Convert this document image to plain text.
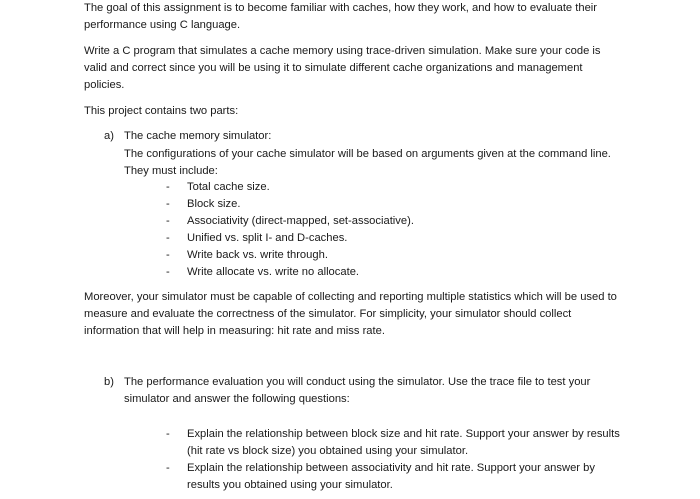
The goal of this assignment is to become familiar with caches, how they work, and how to evaluate their performance using C language.

Write a C program that simulates a cache memory using trace-driven simulation. Make sure your code is valid and correct since you will be using it to simulate different cache organizations and management policies.

This project contains two parts:

a) The cache memory simulator:

The configurations of your cache simulator will be based on arguments given at the command line. They must include:

- Total cache size.
- Block size.
- Associativity (direct-mapped, set-associative).
- Unified vs. split I- and D-caches.
- Write back vs. write through.
- Write allocate vs. write no allocate.

Moreover, your simulator must be capable of collecting and reporting multiple statistics which will be used to measure and evaluate the correctness of the simulator. For simplicity, your simulator should collect information that will help in measuring: hit rate and miss rate.

b) The performance evaluation you will conduct using the simulator. Use the trace file to test your simulator and answer the following questions:

- Explain the relationship between block size and hit rate. Support your answer by results (hit rate vs block size) you obtained using your simulator.
- Explain the relationship between associativity and hit rate. Support your answer by results you obtained using your simulator.
